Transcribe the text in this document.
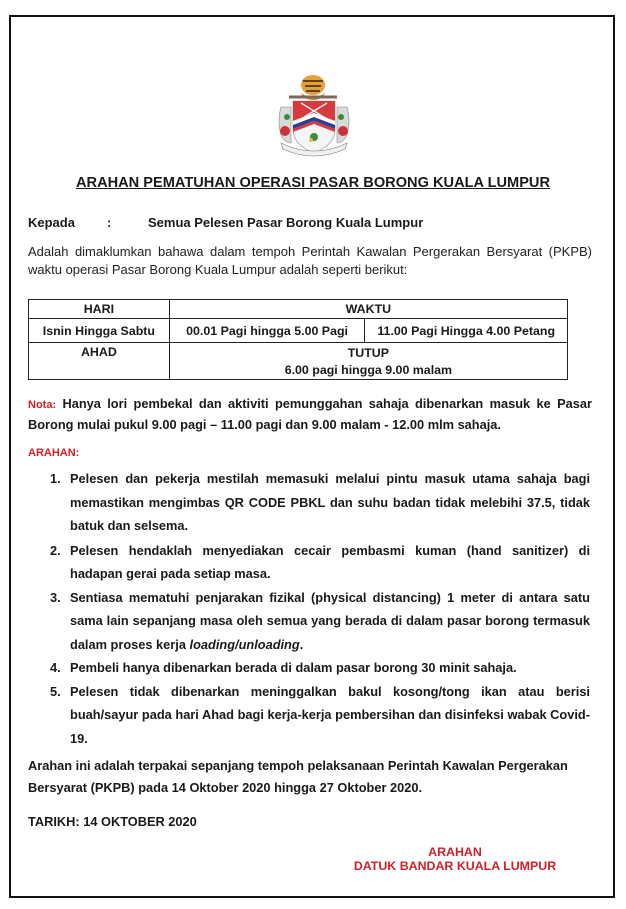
ARAHAN PEMATUHAN OPERASI PASAR BORONG KUALA LUMPUR
Kepada :	Semua Pelesen Pasar Borong Kuala Lumpur
Adalah dimaklumkan bahawa dalam tempoh Perintah Kawalan Pergerakan Bersyarat (PKPB) waktu operasi Pasar Borong Kuala Lumpur adalah seperti berikut:
HARI	WAKTU	
Isnin Hingga Sabtu	00.01 Pagi hingga 5.00 Pagi	11.00 Pagi Hingga 4.00 Petang
AHAD	TUTUP
6.00 pagi hingga 9.00 malam	
Nota: Hanya lori pembekal dan aktiviti pemunggahan sahaja dibenarkan masuk ke Pasar Borong mulai pukul 9.00 pagi – 11.00 pagi dan 9.00 malam - 12.00 mlm sahaja.
ARAHAN:
1. Pelesen dan pekerja mestilah memasuki melalui pintu masuk utama sahaja bagi memastikan mengimbas QR CODE PBKL dan suhu badan tidak melebihi 37.5, tidak batuk dan selsema.
2. Pelesen hendaklah menyediakan cecair pembasmi kuman (hand sanitizer) di hadapan gerai pada setiap masa.
3. Sentiasa mematuhi penjarakan fizikal (physical distancing) 1 meter di antara satu sama lain sepanjang masa oleh semua yang berada di dalam pasar borong termasuk dalam proses kerja loading/unloading.
4. Pembeli hanya dibenarkan berada di dalam pasar borong 30 minit sahaja.
5. Pelesen tidak dibenarkan meninggalkan bakul kosong/tong ikan atau berisi buah/sayur pada hari Ahad bagi kerja-kerja pembersihan dan disinfeksi wabak Covid-19.
Arahan ini adalah terpakai sepanjang tempoh pelaksanaan Perintah Kawalan Pergerakan Bersyarat (PKPB) pada 14 Oktober 2020 hingga 27 Oktober 2020.
TARIKH: 14 OKTOBER 2020
ARAHAN
DATUK BANDAR KUALA LUMPUR
